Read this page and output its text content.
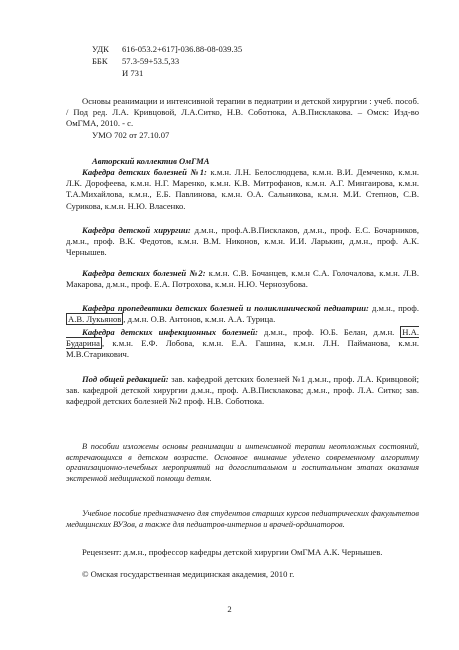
УДК 616-053.2+617]-036.88-08-039.35
ББК 57.3-59+53.5,33
И 731
Основы реанимации и интенсивной терапии в педиатрии и детской хирургии : учеб. пособ. / Под ред. Л.А. Кривцовой, Л.А.Ситко, Н.В. Соботюка, А.В.Писклакова. – Омск: Изд-во ОмГМА, 2010. - с.
УМО 702 от 27.10.07
Авторский коллектив ОмГМА
Кафедра детских болезней №1: к.м.н. Л.Н. Белослюдцева, к.м.н. В.И. Демченко, к.м.н. Л.К. Дорофеева, к.м.н. Н.Г. Маренко, к.м.н. К.В. Митрофанов, к.м.н. А.Г. Мингаирова, к.м.н. Т.А.Михайлова, к.м.н., Е.Б. Павлинова, к.м.н. О.А. Сальникова, к.м.н. М.И. Степнов, С.В. Сурикова, к.м.н. Н.Ю. Власенко.
Кафедра детской хирургии: д.м.н., проф.А.В.Писклаков, д.м.н., проф. Е.С. Бочарников, д.м.н., проф. В.К. Федотов, к.м.н. В.М. Никонов, к.м.н. И.И. Ларькин, д.м.н., проф. А.К. Чернышев.
Кафедра детских болезней №2: к.м.н. С.В. Бочанцев, к.м.н С.А. Голочалова, к.м.н. Л.В. Макарова, д.м.н., проф. Е.А. Потрохова, к.м.н. Н.Ю. Чернозубова.
Кафедра пропедевтики детских болезней и поликлинической педиатрии: д.м.н., проф. А.В. Лукьянов , д.м.н. О.В. Антонов, к.м.н. А.А. Турица.
Кафедра детских инфекционных болезней: д.м.н., проф. Ю.Б. Белан, д.м.н. Н.А. Бударина , к.м.н. Е.Ф. Лобова, к.м.н. Е.А. Гашина, к.м.н. Л.Н. Пайманова, к.м.н. М.В.Старикович.
Под общей редакцией: зав. кафедрой детских болезней №1 д.м.н., проф. Л.А. Кривцовой; зав. кафедрой детской хирургии д.м.н., проф. А.В.Писклакова; д.м.н., проф. Л.А. Ситко; зав. кафедрой детских болезней №2 проф. Н.В. Соботюка.
В пособии изложены основы реанимации и интенсивной терапии неотложных состояний, встречающихся в детском возрасте. Основное внимание уделено современному алгоритму организационно-лечебных мероприятий на догоспитальном и госпитальном этапах оказания экстренной медицинской помощи детям.
Учебное пособие предназначено для студентов старших курсов педиатрических факультетов медицинских ВУЗов, а также для педиатров-интернов и врачей-ординаторов.
Рецензент: д.м.н., профессор кафедры детской хирургии ОмГМА А.К. Чернышев.
© Омская государственная медицинская академия, 2010 г.
2
